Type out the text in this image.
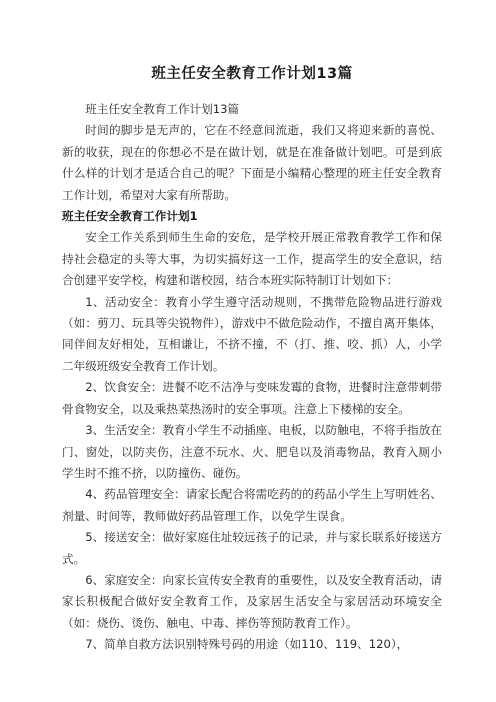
班主任安全教育工作计划13篇

班主任安全教育工作计划13篇

时间的脚步是无声的，它在不经意间流逝，我们又将迎来新的喜悦、新的收获，现在的你想必不是在做计划，就是在准备做计划吧。可是到底什么样的计划才是适合自己的呢？下面是小编精心整理的班主任安全教育工作计划，希望对大家有所帮助。

班主任安全教育工作计划1

安全工作关系到师生生命的安危，是学校开展正常教育教学工作和保持社会稳定的头等大事，为切实搞好这一工作，提高学生的安全意识，结合创建平安学校，构建和谐校园，结合本班实际特制订计划如下：

1、活动安全：教育小学生遵守活动规则，不携带危险物品进行游戏（如：剪刀、玩具等尖锐物件），游戏中不做危险动作，不擅自离开集体，同伴间友好相处，互相谦让，不挤不撞，不（打、推、咬、抓）人，小学二年级班级安全教育工作计划。

2、饮食安全：进餐不吃不洁净与变味发霉的食物，进餐时注意带刺带骨食物安全，以及乘热菜热汤时的安全事项。注意上下楼梯的安全。

3、生活安全：教育小学生不动插座、电板，以防触电，不将手指放在门、窗处，以防夹伤，注意不玩水、火、肥皂以及消毒物品，教育入厕小学生时不推不挤，以防撞伤、碰伤。

4、药品管理安全：请家长配合将需吃药的的药品小学生上写明姓名、剂量、时间等，教师做好药品管理工作，以免学生误食。

5、接送安全：做好家庭住址较远孩子的记录，并与家长联系好接送方式。

6、家庭安全：向家长宣传安全教育的重要性，以及安全教育活动，请家长积极配合做好安全教育工作，及家居生活安全与家居活动环境安全（如：烧伤、烫伤、触电、中毒、摔伤等预防教育工作）。

7、简单自救方法识别特殊号码的用途（如110、119、120），
